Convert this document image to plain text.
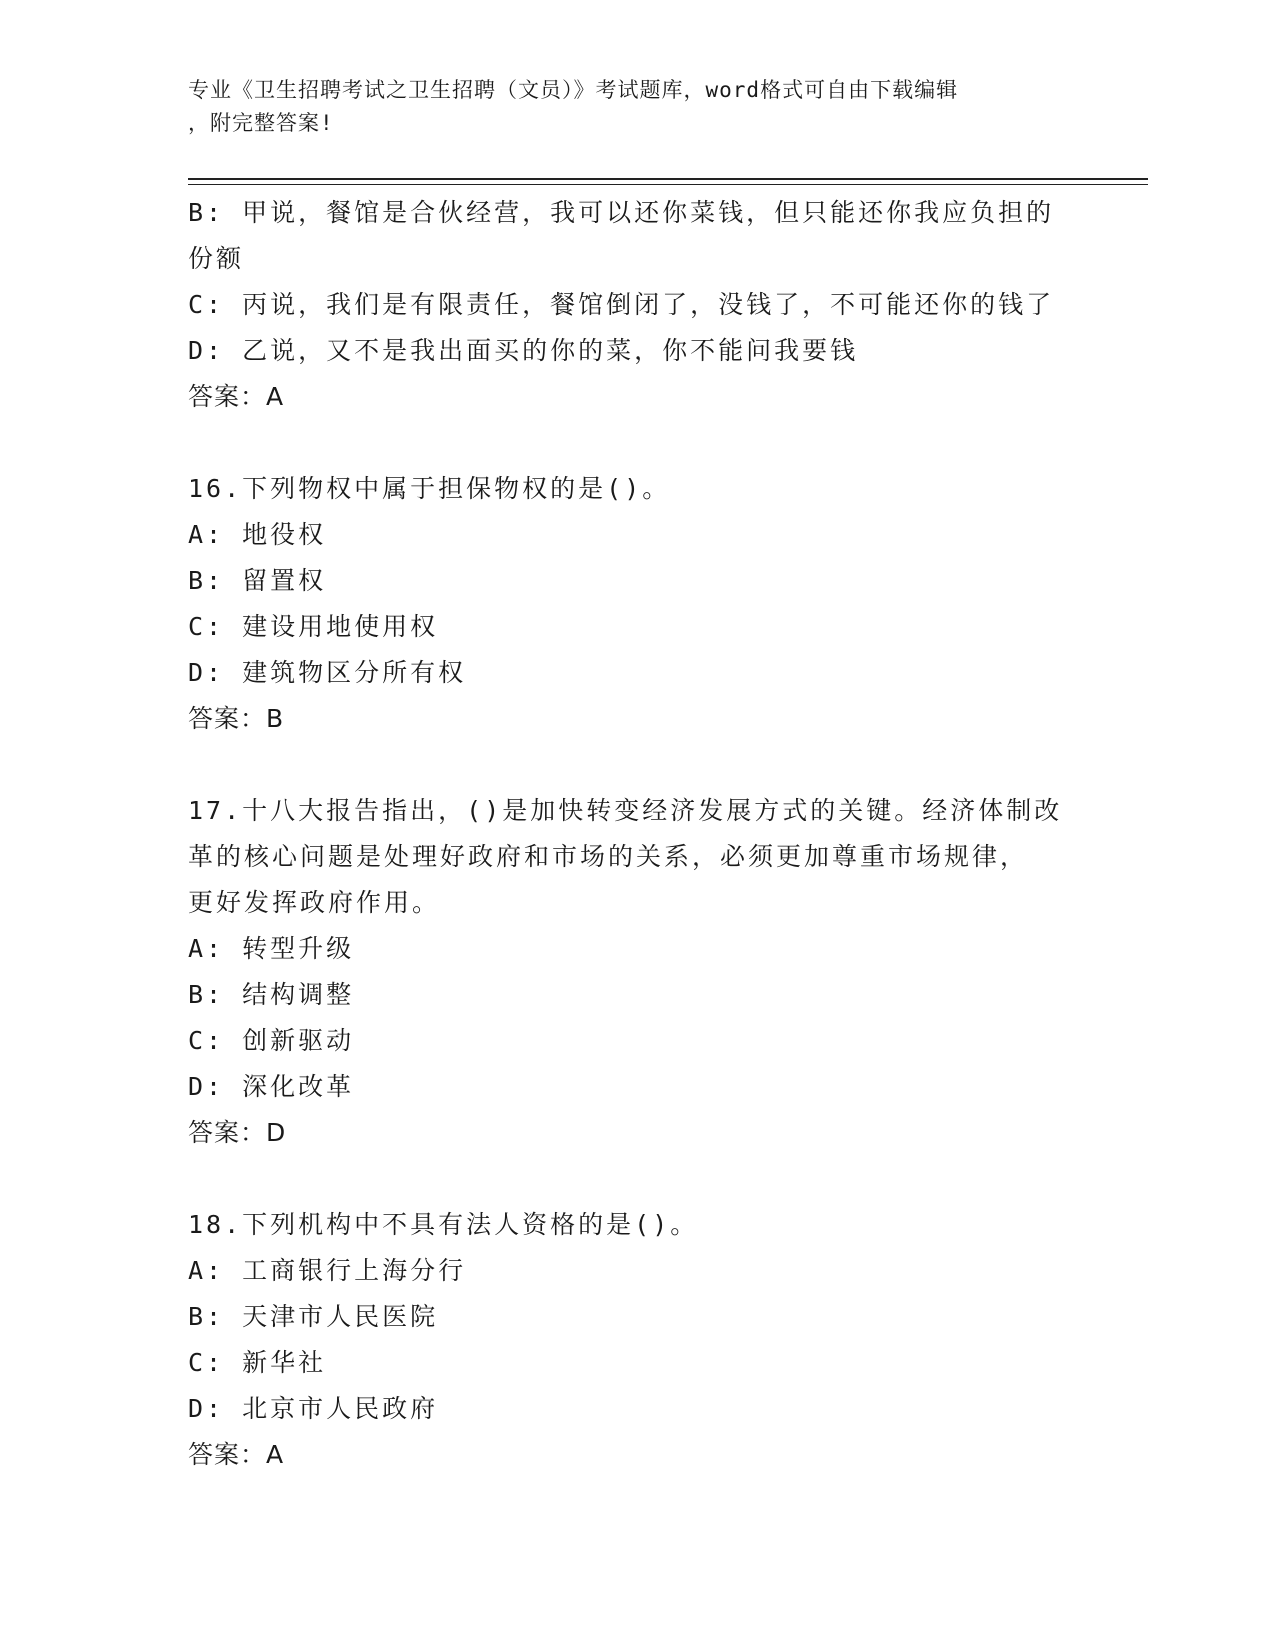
专业《卫生招聘考试之卫生招聘（文员）》考试题库，word格式可自由下载编辑
，附完整答案!
B: 甲说，餐馆是合伙经营，我可以还你菜钱，但只能还你我应负担的
份额
C: 丙说，我们是有限责任，餐馆倒闭了，没钱了，不可能还你的钱了
D: 乙说，又不是我出面买的你的菜，你不能问我要钱
答案：A
16.下列物权中属于担保物权的是()。
A: 地役权
B: 留置权
C: 建设用地使用权
D: 建筑物区分所有权
答案：B
17.十八大报告指出，()是加快转变经济发展方式的关键。经济体制改
革的核心问题是处理好政府和市场的关系，必须更加尊重市场规律，
更好发挥政府作用。
A: 转型升级
B: 结构调整
C: 创新驱动
D: 深化改革
答案：D
18.下列机构中不具有法人资格的是()。
A: 工商银行上海分行
B: 天津市人民医院
C: 新华社
D: 北京市人民政府
答案：A
